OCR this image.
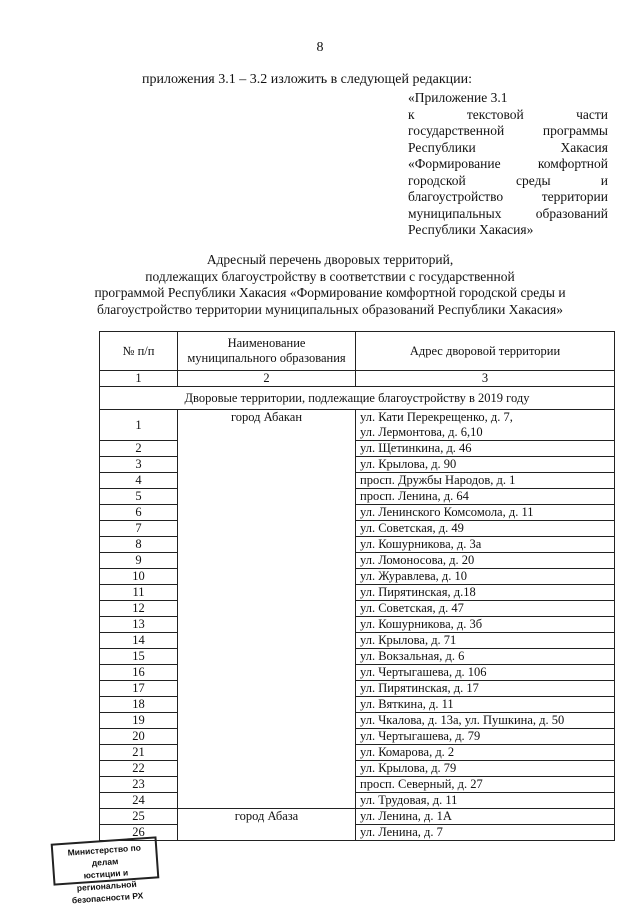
8
приложения 3.1 – 3.2 изложить в следующей редакции:
«Приложение 3.1
к текстовой части
государственной программы
Республики Хакасия
«Формирование комфортной
городской среды и
благоустройство территории
муниципальных образований
Республики Хакасия»
Адресный перечень дворовых территорий,
подлежащих благоустройству в соответствии с государственной
программой Республики Хакасия «Формирование комфортной городской среды и
благоустройство территории муниципальных образований Республики Хакасия»
№ п/п	Наименование муниципального образования	Адрес дворовой территории
1	2	3
Дворовые территории, подлежащие благоустройству в 2019 году		
1	город Абакан	ул. Кати Перекрещенко, д. 7,
ул. Лермонтова, д. 6,10

2		ул. Щетинкина, д. 46
3		ул. Крылова, д. 90
4		просп. Дружбы Народов, д. 1
5		просп. Ленина, д. 64
6		ул. Ленинского Комсомола, д. 11
7		ул. Советская, д. 49
8		ул. Кошурникова, д. 3а
9		ул. Ломоносова, д. 20
10		ул. Журавлева, д. 10
11		ул. Пирятинская, д.18
12		ул. Советская, д. 47
13		ул. Кошурникова, д. 3б
14		ул. Крылова, д. 71
15		ул. Вокзальная, д. 6
16		ул. Чертыгашева, д. 106
17		ул. Пирятинская, д. 17
18		ул. Вяткина, д. 11
19		ул. Чкалова, д. 13а, ул. Пушкина, д. 50
20		ул. Чертыгашева, д. 79
21		ул. Комарова, д. 2
22		ул. Крылова, д. 79
23		просп. Северный, д. 27
24		ул. Трудовая, д. 11
25	город Абаза	ул. Ленина, д. 1А
26		ул. Ленина, д. 7
Министерство по делам
юстиции и региональной
безопасности РХ
